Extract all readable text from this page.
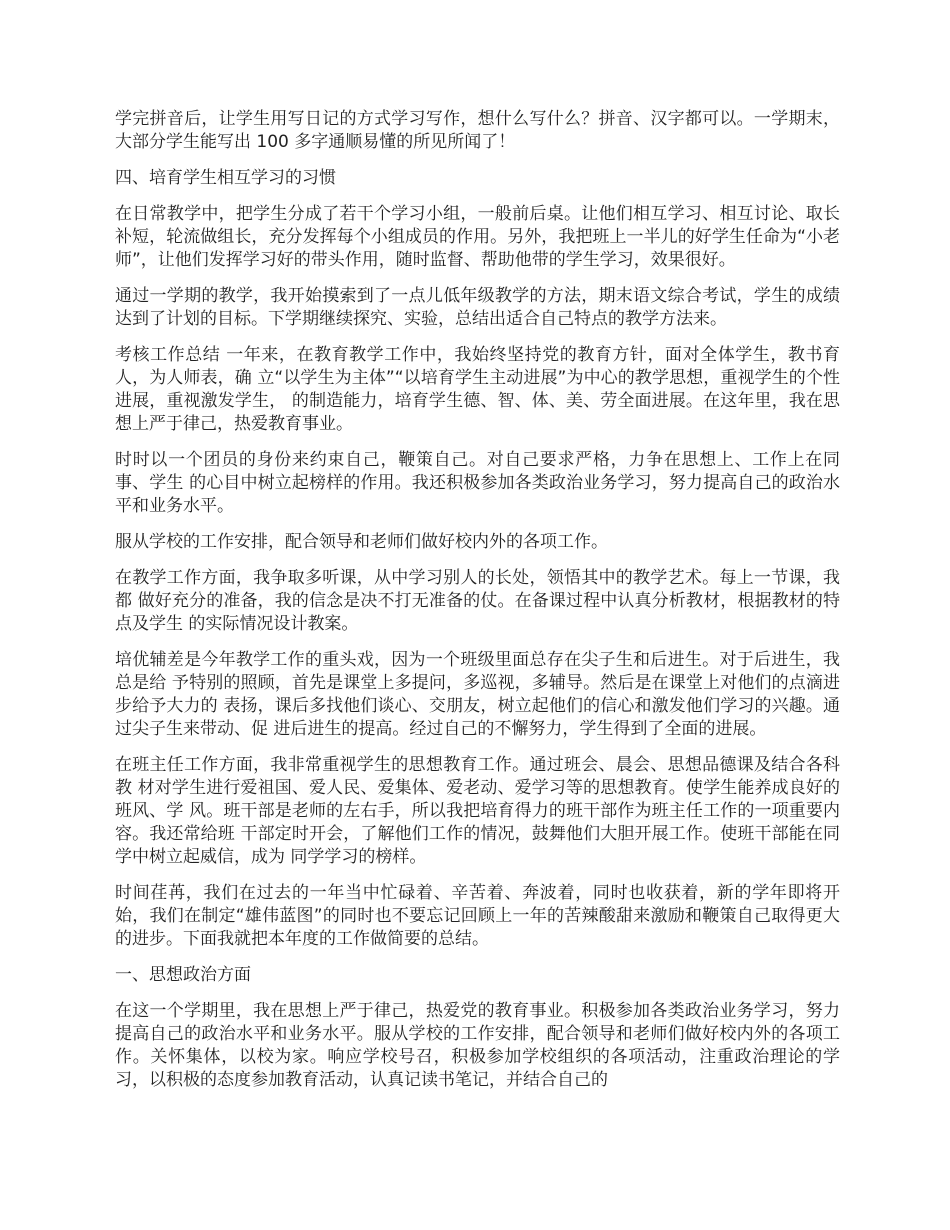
学完拼音后，让学生用写日记的方式学习写作，想什么写什么？拼音、汉字都可以。一学期末，大部分学生能写出 100 多字通顺易懂的所见所闻了！

四、培育学生相互学习的习惯

在日常教学中，把学生分成了若干个学习小组，一般前后桌。让他们相互学习、相互讨论、取长补短，轮流做组长，充分发挥每个小组成员的作用。另外，我把班上一半儿的好学生任命为“小老师”，让他们发挥学习好的带头作用，随时监督、帮助他带的学生学习，效果很好。

通过一学期的教学，我开始摸索到了一点儿低年级教学的方法，期末语文综合考试，学生的成绩达到了计划的目标。下学期继续探究、实验，总结出适合自己特点的教学方法来。

考核工作总结 一年来，在教育教学工作中，我始终坚持党的教育方针，面对全体学生，教书育人，为人师表，确 立“以学生为主体”“以培育学生主动进展”为中心的教学思想，重视学生的个性进展，重视激发学生， 的制造能力，培育学生德、智、体、美、劳全面进展。在这年里，我在思想上严于律己，热爱教育事业。

时时以一个团员的身份来约束自己，鞭策自己。对自己要求严格，力争在思想上、工作上在同事、学生 的心目中树立起榜样的作用。我还积极参加各类政治业务学习，努力提高自己的政治水平和业务水平。

服从学校的工作安排，配合领导和老师们做好校内外的各项工作。

在教学工作方面，我争取多听课，从中学习别人的长处，领悟其中的教学艺术。每上一节课，我都 做好充分的准备，我的信念是决不打无准备的仗。在备课过程中认真分析教材，根据教材的特点及学生 的实际情况设计教案。

培优辅差是今年教学工作的重头戏，因为一个班级里面总存在尖子生和后进生。对于后进生，我总是给 予特别的照顾，首先是课堂上多提问，多巡视，多辅导。然后是在课堂上对他们的点滴进步给予大力的 表扬，课后多找他们谈心、交朋友，树立起他们的信心和激发他们学习的兴趣。通过尖子生来带动、促 进后进生的提高。经过自己的不懈努力，学生得到了全面的进展。

在班主任工作方面，我非常重视学生的思想教育工作。通过班会、晨会、思想品德课及结合各科教 材对学生进行爱祖国、爱人民、爱集体、爱老动、爱学习等的思想教育。使学生能养成良好的班风、学 风。班干部是老师的左右手，所以我把培育得力的班干部作为班主任工作的一项重要内容。我还常给班 干部定时开会，了解他们工作的情况，鼓舞他们大胆开展工作。使班干部能在同学中树立起威信，成为 同学学习的榜样。

时间荏苒，我们在过去的一年当中忙碌着、辛苦着、奔波着，同时也收获着，新的学年即将开始，我们在制定“雄伟蓝图”的同时也不要忘记回顾上一年的苦辣酸甜来激励和鞭策自己取得更大的进步。下面我就把本年度的工作做简要的总结。

一、思想政治方面

在这一个学期里，我在思想上严于律己，热爱党的教育事业。积极参加各类政治业务学习，努力提高自己的政治水平和业务水平。服从学校的工作安排，配合领导和老师们做好校内外的各项工作。关怀集体，以校为家。响应学校号召，积极参加学校组织的各项活动，注重政治理论的学习，以积极的态度参加教育活动，认真记读书笔记，并结合自己的
